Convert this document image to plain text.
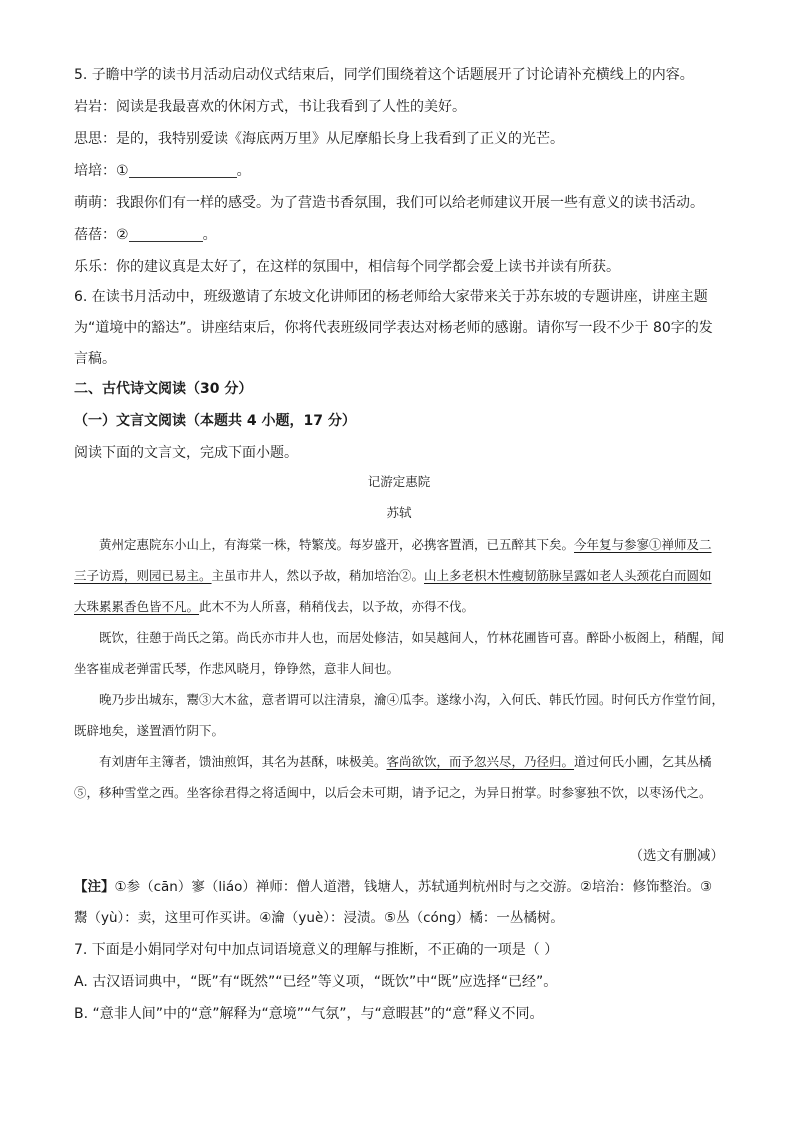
5. 子瞻中学的读书月活动启动仪式结束后，同学们围绕着这个话题展开了讨论请补充横线上的内容。
岩岩：阅读是我最喜欢的休闲方式，书让我看到了人性的美好。
思思：是的，我特别爱读《海底两万里》从尼摩船长身上我看到了正义的光芒。
培培：①	。
萌萌：我跟你们有一样的感受。为了营造书香氛围，我们可以给老师建议开展一些有意义的读书活动。
蓓蓓：②	。
乐乐：你的建议真是太好了，在这样的氛围中，相信每个同学都会爱上读书并读有所获。
6. 在读书月活动中，班级邀请了东坡文化讲师团的杨老师给大家带来关于苏东坡的专题讲座，讲座主题为“道境中的豁达”。讲座结束后，你将代表班级同学表达对杨老师的感谢。请你写一段不少于 80字的发言稿。
二、古代诗文阅读（30 分）
（一）文言文阅读（本题共 4 小题，17 分）
阅读下面的文言文，完成下面小题。
记游定惠院
苏轼

黄州定惠院东小山上，有海棠一株，特繁茂。每岁盛开，必携客置酒，已五醉其下矣。今年复与参寥①禅师及二三子访焉，则园已易主。主虽市井人，然以予故，稍加培治②。山上多老枳木性瘦韧筋脉呈露如老人头颈花白而圆如大珠累累香色皆不凡。此木不为人所喜，稍稍伐去，以予故，亦得不伐。

既饮，往憩于尚氏之第。尚氏亦市井人也，而居处修洁，如吴越间人，竹林花圃皆可喜。醉卧小板阁上，稍醒，闻坐客崔成老弹雷氏琴，作悲风晓月，铮铮然，意非人间也。

晚乃步出城东，鬻③大木盆，意者谓可以注清泉，瀹④瓜李。遂缘小沟，入何氏、韩氏竹园。时何氏方作堂竹间，既辟地矣，遂置酒竹阴下。

有刘唐年主簿者，馈油煎饵，其名为甚酥，味极美。客尚欲饮，而予忽兴尽，乃径归。道过何氏小圃，乞其丛橘⑤，移种雪堂之西。坐客徐君得之将适闽中，以后会未可期，请予记之，为异日拊掌。时参寥独不饮，以枣汤代之。

（选文有删减）
【注】①参（cān）寥（liáo）禅师：僧人道潜，钱塘人，苏轼通判杭州时与之交游。②培治：修饰整治。③鬻（yù）：卖，这里可作买讲。④瀹（yuè）：浸渍。⑤丛（cóng）橘：一丛橘树。
7. 下面是小娟同学对句中加点词语境意义的理解与推断，不正确的一项是（ ）
A. 古汉语词典中，“既”有“既然”“已经”等义项，“既饮”中“既”应选择“已经”。
B. “意非人间”中的“意”解释为“意境”“气氛”，与“意暇甚”的“意”释义不同。
